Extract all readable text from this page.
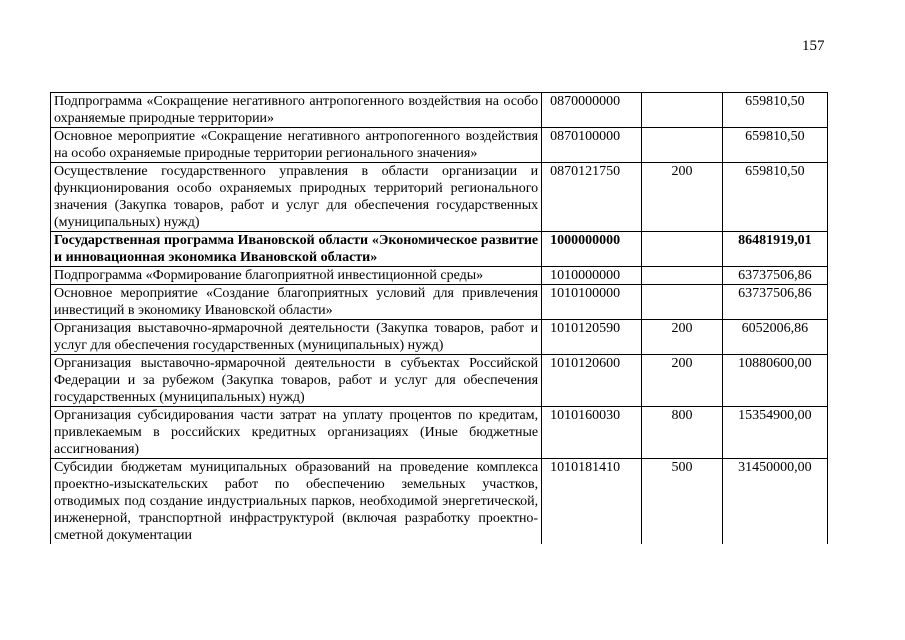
157
Подпрограмма «Сокращение негативного антропогенного воздействия на особо охраняемые природные территории»	0870000000		659810,50
Основное мероприятие «Сокращение негативного антропогенного воздействия на особо охраняемые природные территории регионального значения»	0870100000		659810,50
Осуществление государственного управления в области организации и функционирования особо охраняемых природных территорий регионального значения (Закупка товаров, работ и услуг для обеспечения государственных (муниципальных) нужд)	0870121750	200	659810,50
Государственная программа Ивановской области «Экономическое развитие и инновационная экономика Ивановской области»	1000000000		86481919,01
Подпрограмма «Формирование благоприятной инвестиционной среды»	1010000000		63737506,86
Основное мероприятие «Создание благоприятных условий для привлечения инвестиций в экономику Ивановской области»	1010100000		63737506,86
Организация выставочно-ярмарочной деятельности (Закупка товаров, работ и услуг для обеспечения государственных (муниципальных) нужд)	1010120590	200	6052006,86
Организация выставочно-ярмарочной деятельности в субъектах Российской Федерации и за рубежом (Закупка товаров, работ и услуг для обеспечения государственных (муниципальных) нужд)	1010120600	200	10880600,00
Организация субсидирования части затрат на уплату процентов по кредитам, привлекаемым в российских кредитных организациях (Иные бюджетные ассигнования)	1010160030	800	15354900,00
Субсидии бюджетам муниципальных образований на проведение комплекса проектно-изыскательских работ по обеспечению земельных участков, отводимых под создание индустриальных парков, необходимой энергетической, инженерной, транспортной инфраструктурой (включая разработку проектно-сметной документации	1010181410	500	31450000,00
